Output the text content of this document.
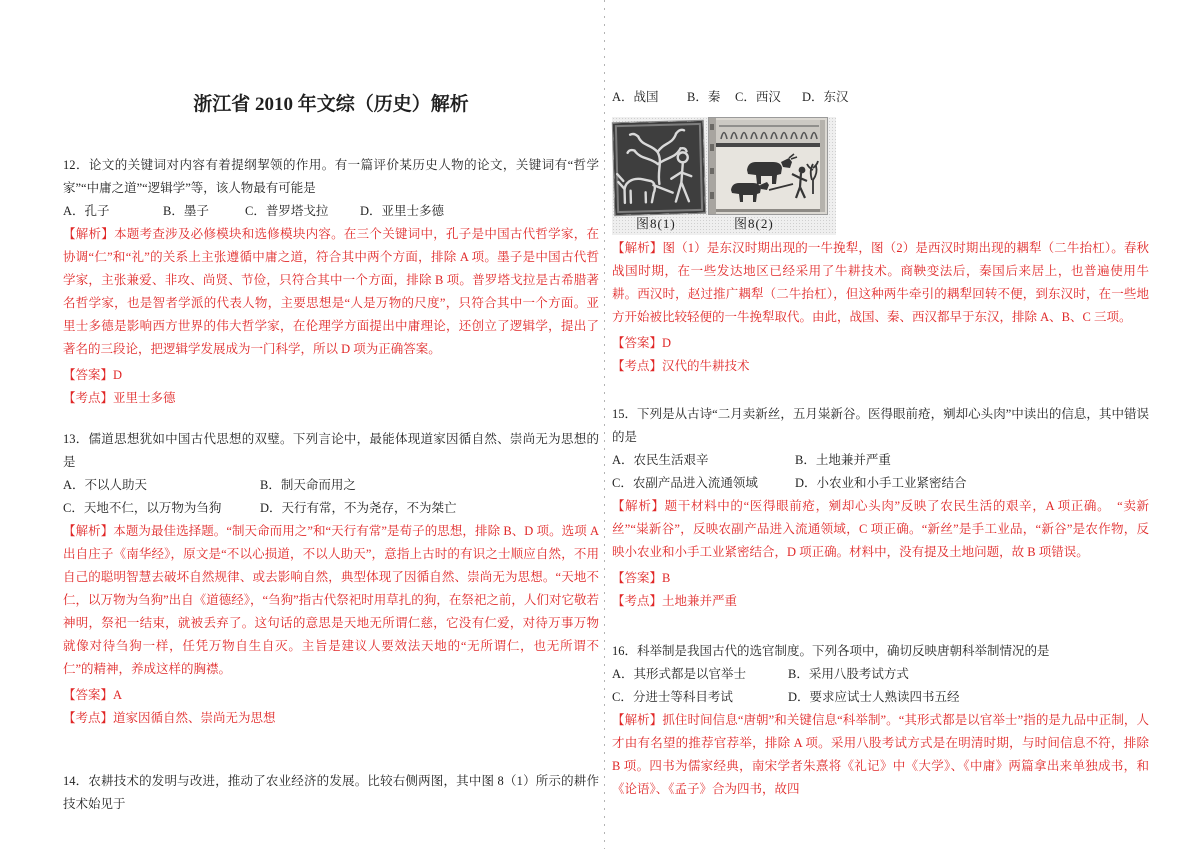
浙江省 2010 年文综（历史）解析

12．论文的关键词对内容有着提纲挈领的作用。有一篇评价某历史人物的论文，关键词有“哲学家”“中庸之道”“逻辑学”等，该人物最有可能是

A．孔子	B．墨子	C．普罗塔戈拉	D．亚里士多德

【解析】本题考查涉及必修模块和选修模块内容。在三个关键词中，孔子是中国古代哲学家，在协调“仁”和“礼”的关系上主张遵循中庸之道，符合其中两个方面，排除 A 项。墨子是中国古代哲学家，主张兼爱、非攻、尚贤、节俭，只符合其中一个方面，排除 B 项。普罗塔戈拉是古希腊著名哲学家，也是智者学派的代表人物，主要思想是“人是万物的尺度”，只符合其中一个方面。亚里士多德是影响西方世界的伟大哲学家，在伦理学方面提出中庸理论，还创立了逻辑学，提出了著名的三段论，把逻辑学发展成为一门科学，所以 D 项为正确答案。

【答案】D

【考点】亚里士多德

13．儒道思想犹如中国古代思想的双璧。下列言论中，最能体现道家因循自然、崇尚无为思想的是

A．不以人助天	B．制天命而用之
C．天地不仁，以万物为刍狗	D．天行有常，不为尧存，不为桀亡

【解析】本题为最佳选择题。“制天命而用之”和“天行有常”是荀子的思想，排除 B、D 项。选项 A 出自庄子《南华经》，原文是“不以心损道，不以人助天”，意指上古时的有识之士顺应自然，不用自己的聪明智慧去破坏自然规律、或去影响自然，典型体现了因循自然、崇尚无为思想。“天地不仁，以万物为刍狗”出自《道德经》，“刍狗”指古代祭祀时用草扎的狗，在祭祀之前，人们对它敬若神明，祭祀一结束，就被丢弃了。这句话的意思是天地无所谓仁慈，它没有仁爱，对待万事万物就像对待刍狗一样，任凭万物自生自灭。主旨是建议人要效法天地的“无所谓仁，也无所谓不仁”的精神，养成这样的胸襟。

【答案】A

【考点】道家因循自然、崇尚无为思想

14．农耕技术的发明与改进，推动了农业经济的发展。比较右侧两图，其中图 8（1）所示的耕作技术始见于

A．战国	B．秦	C．西汉	D．东汉
图8(1)	图8(2)

【解析】图（1）是东汉时期出现的一牛挽犁，图（2）是西汉时期出现的耦犁（二牛抬杠）。春秋战国时期，在一些发达地区已经采用了牛耕技术。商鞅变法后，秦国后来居上，也普遍使用牛耕。西汉时，赵过推广耦犁（二牛抬杠），但这种两牛牵引的耦犁回转不便，到东汉时，在一些地方开始被比较轻便的一牛挽犁取代。由此，战国、秦、西汉都早于东汉，排除 A、B、C 三项。

【答案】D

【考点】汉代的牛耕技术

15．下列是从古诗“二月卖新丝，五月粜新谷。医得眼前疮，剜却心头肉”中读出的信息，其中错误的是

A．农民生活艰辛	B．土地兼并严重
C．农副产品进入流通领域	D．小农业和小手工业紧密结合

【解析】题干材料中的“医得眼前疮，剜却心头肉”反映了农民生活的艰辛，A 项正确。　“卖新丝”“粜新谷”，反映农副产品进入流通领域，C 项正确。“新丝”是手工业品，“新谷”是农作物，反映小农业和小手工业紧密结合，D 项正确。材料中，没有提及土地问题，故 B 项错误。

【答案】B

【考点】土地兼并严重

16．科举制是我国古代的选官制度。下列各项中，确切反映唐朝科举制情况的是

A．其形式都是以官举士	B．采用八股考试方式
C．分进士等科目考试	D．要求应试士人熟读四书五经

【解析】抓住时间信息“唐朝”和关键信息“科举制”。“其形式都是以官举士”指的是九品中正制，人才由有名望的推荐官荐举，排除 A 项。采用八股考试方式是在明清时期，与时间信息不符，排除 B 项。四书为儒家经典，南宋学者朱熹将《礼记》中《大学》、《中庸》两篇拿出来单独成书，和《论语》、《孟子》合为四书，故四
